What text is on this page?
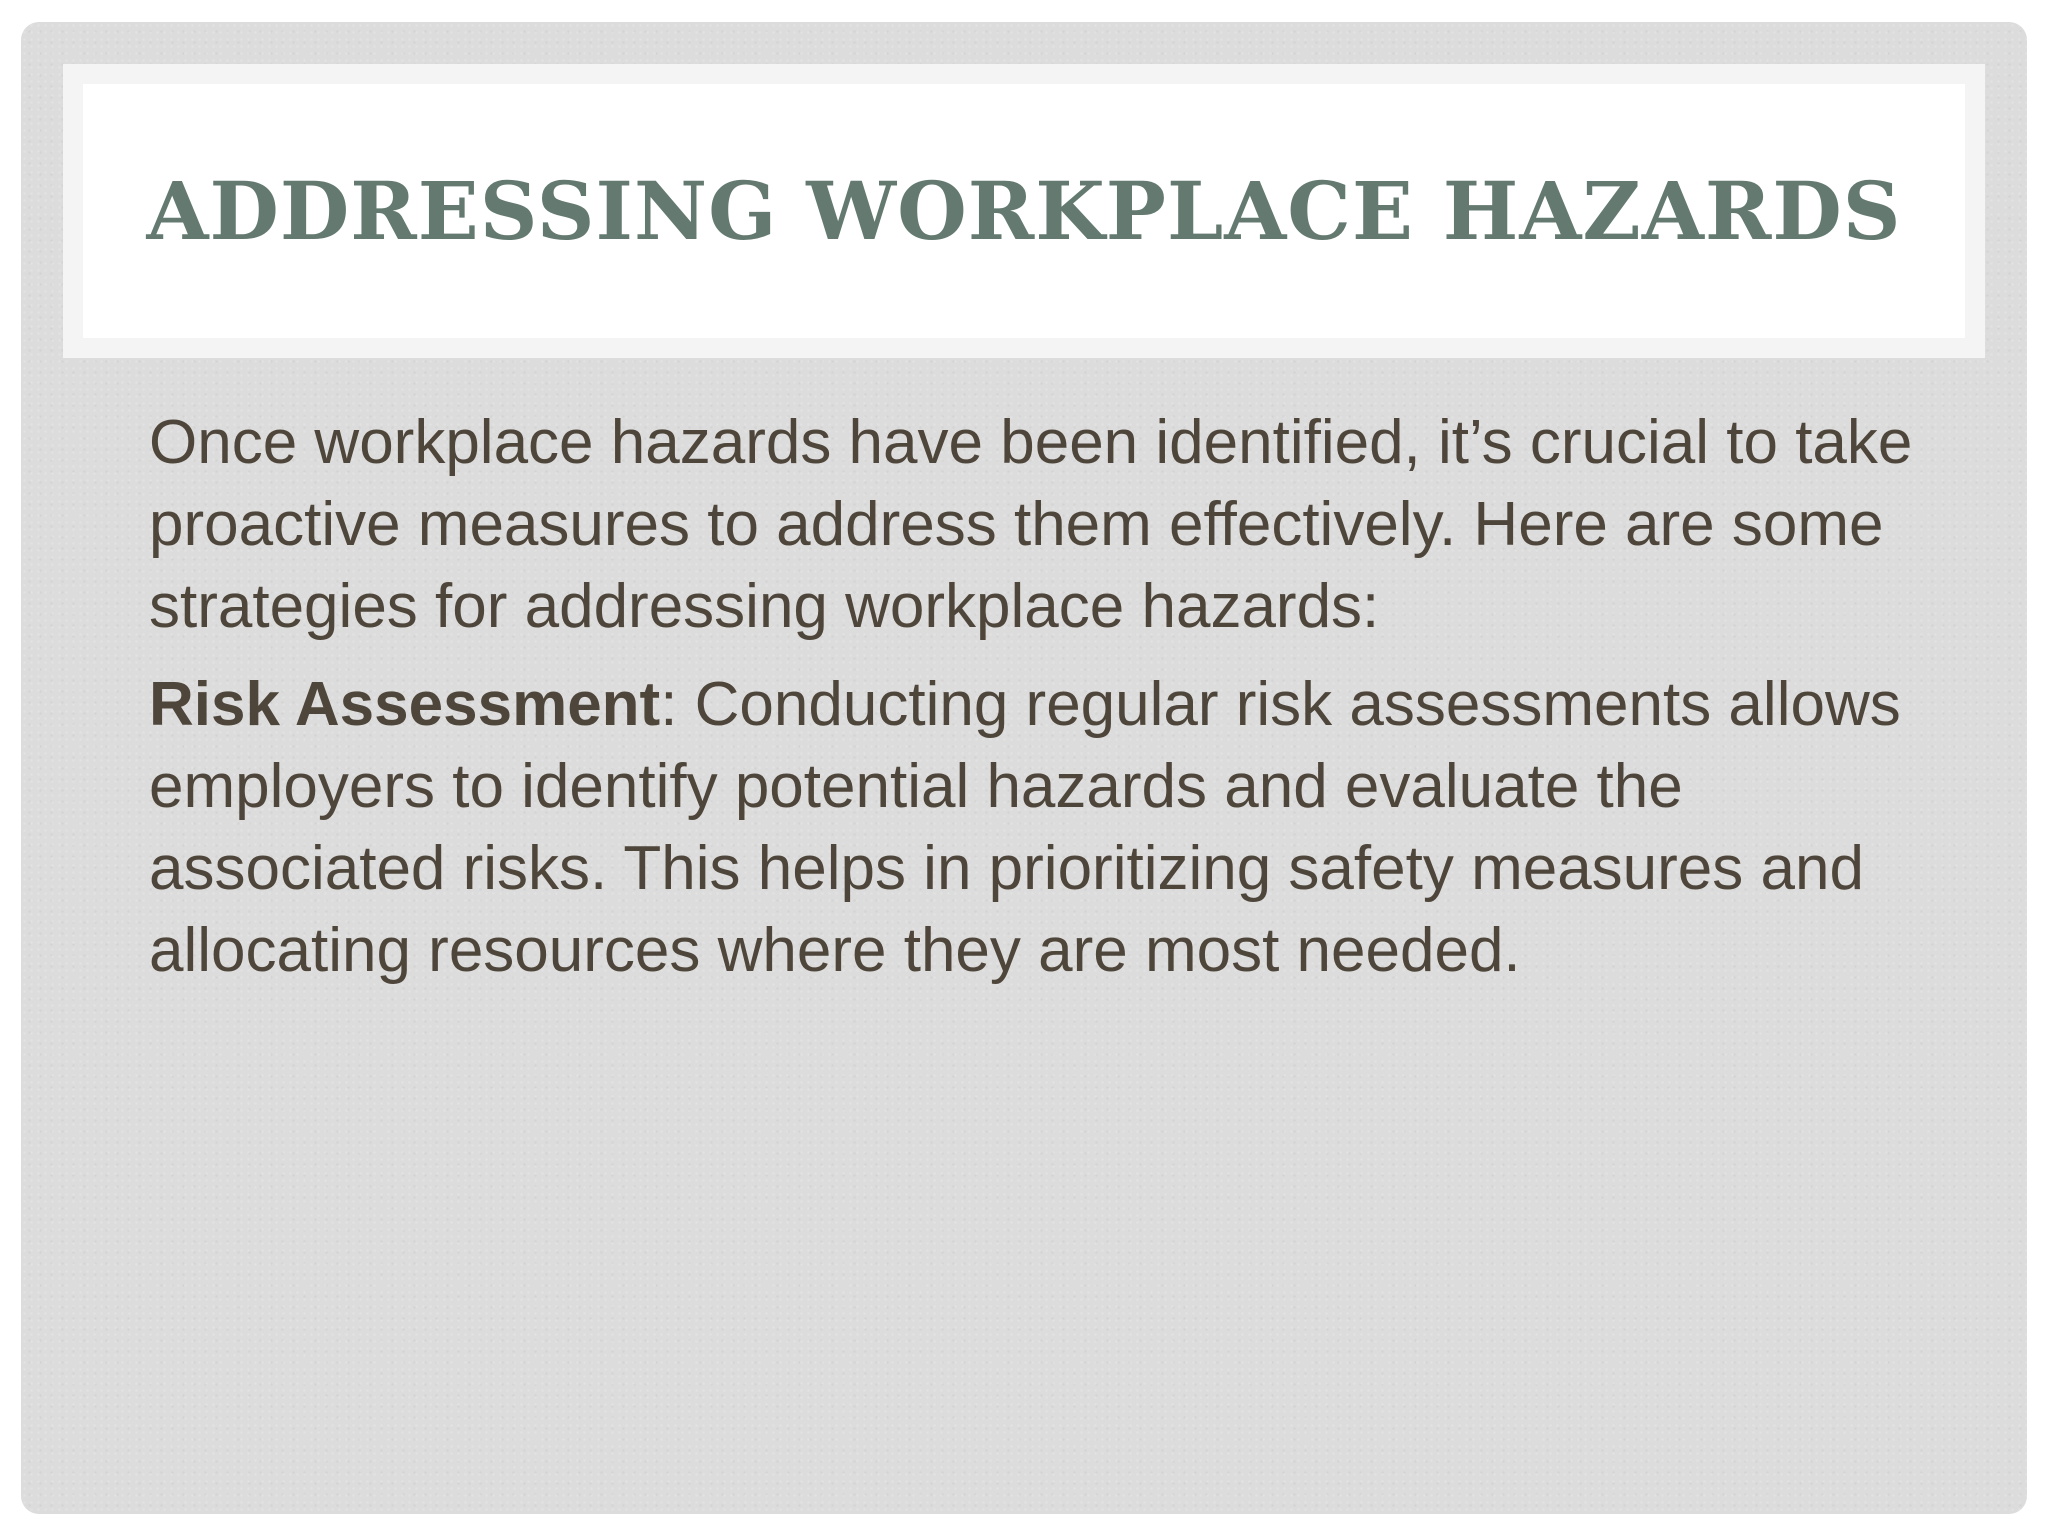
ADDRESSING WORKPLACE HAZARDS

Once workplace hazards have been identified, it’s crucial to take proactive measures to address them effectively. Here are some strategies for addressing workplace hazards:

Risk Assessment: Conducting regular risk assessments allows employers to identify potential hazards and evaluate the associated risks. This helps in prioritizing safety measures and allocating resources where they are most needed.
